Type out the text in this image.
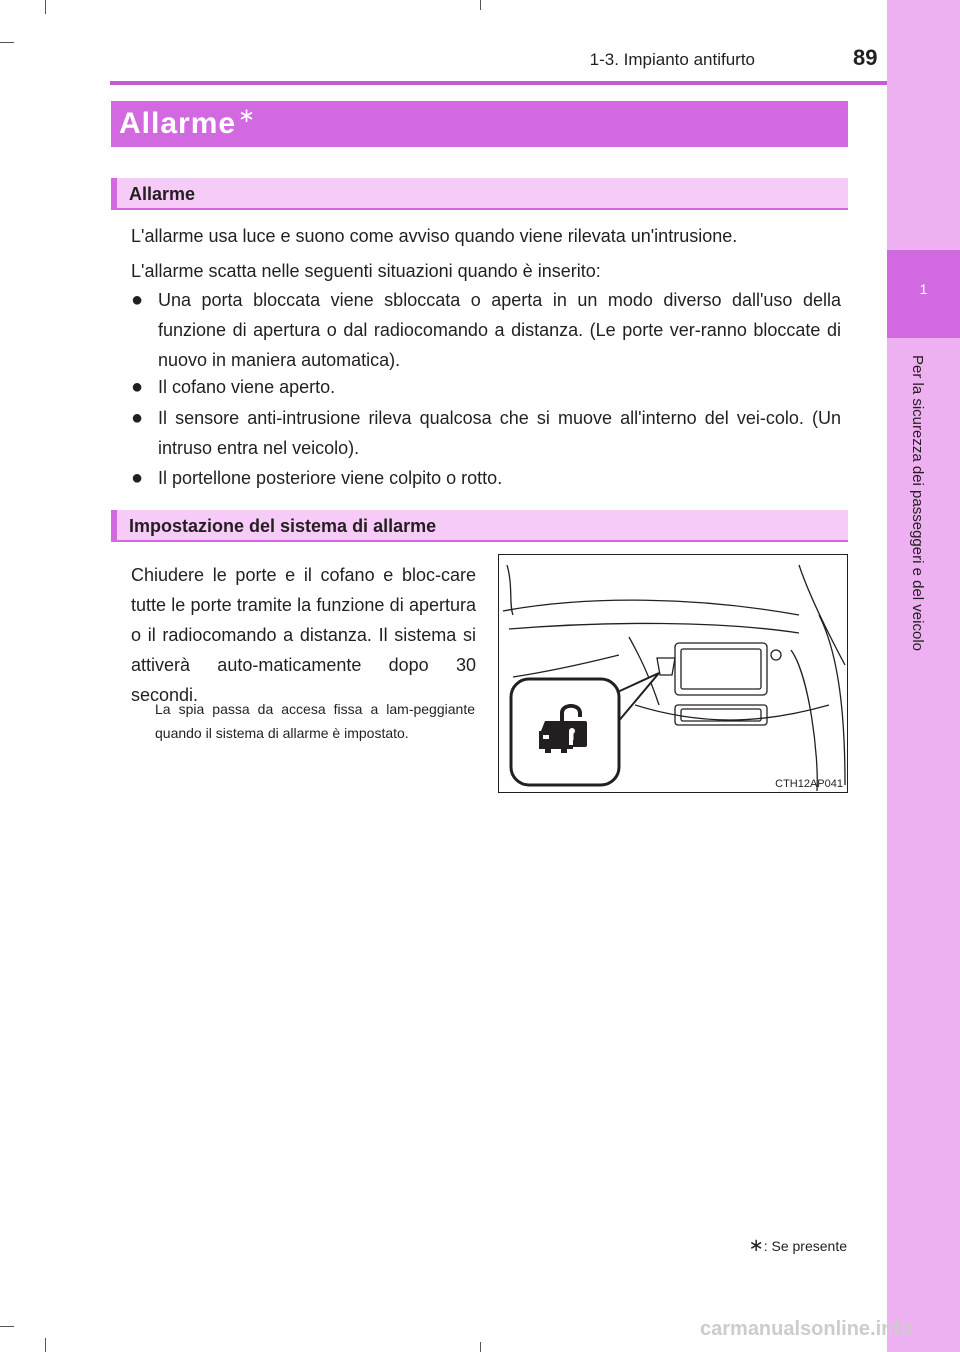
1-3. Impianto antifurto	89
1
Per la sicurezza dei passeggeri e del veicolo
Allarme ∗
Allarme

L'allarme usa luce e suono come avviso quando viene rilevata un'intrusione.

L'allarme scatta nelle seguenti situazioni quando è inserito:

● Una porta bloccata viene sbloccata o aperta in un modo diverso dall'uso della funzione di apertura o dal radiocomando a distanza. (Le porte ver-ranno bloccate di nuovo in maniera automatica).
● Il cofano viene aperto.
● Il sensore anti-intrusione rileva qualcosa che si muove all'interno del vei-colo. (Un intruso entra nel veicolo).
● Il portellone posteriore viene colpito o rotto.
Impostazione del sistema di allarme

Chiudere le porte e il cofano e bloc-care tutte le porte tramite la funzione di apertura o il radiocomando a distanza. Il sistema si attiverà auto-maticamente dopo 30 secondi.

La spia passa da accesa fissa a lam-peggiante quando il sistema di allarme è impostato.

CTH12AP041
∗: Se presente
carmanualsonline.info
